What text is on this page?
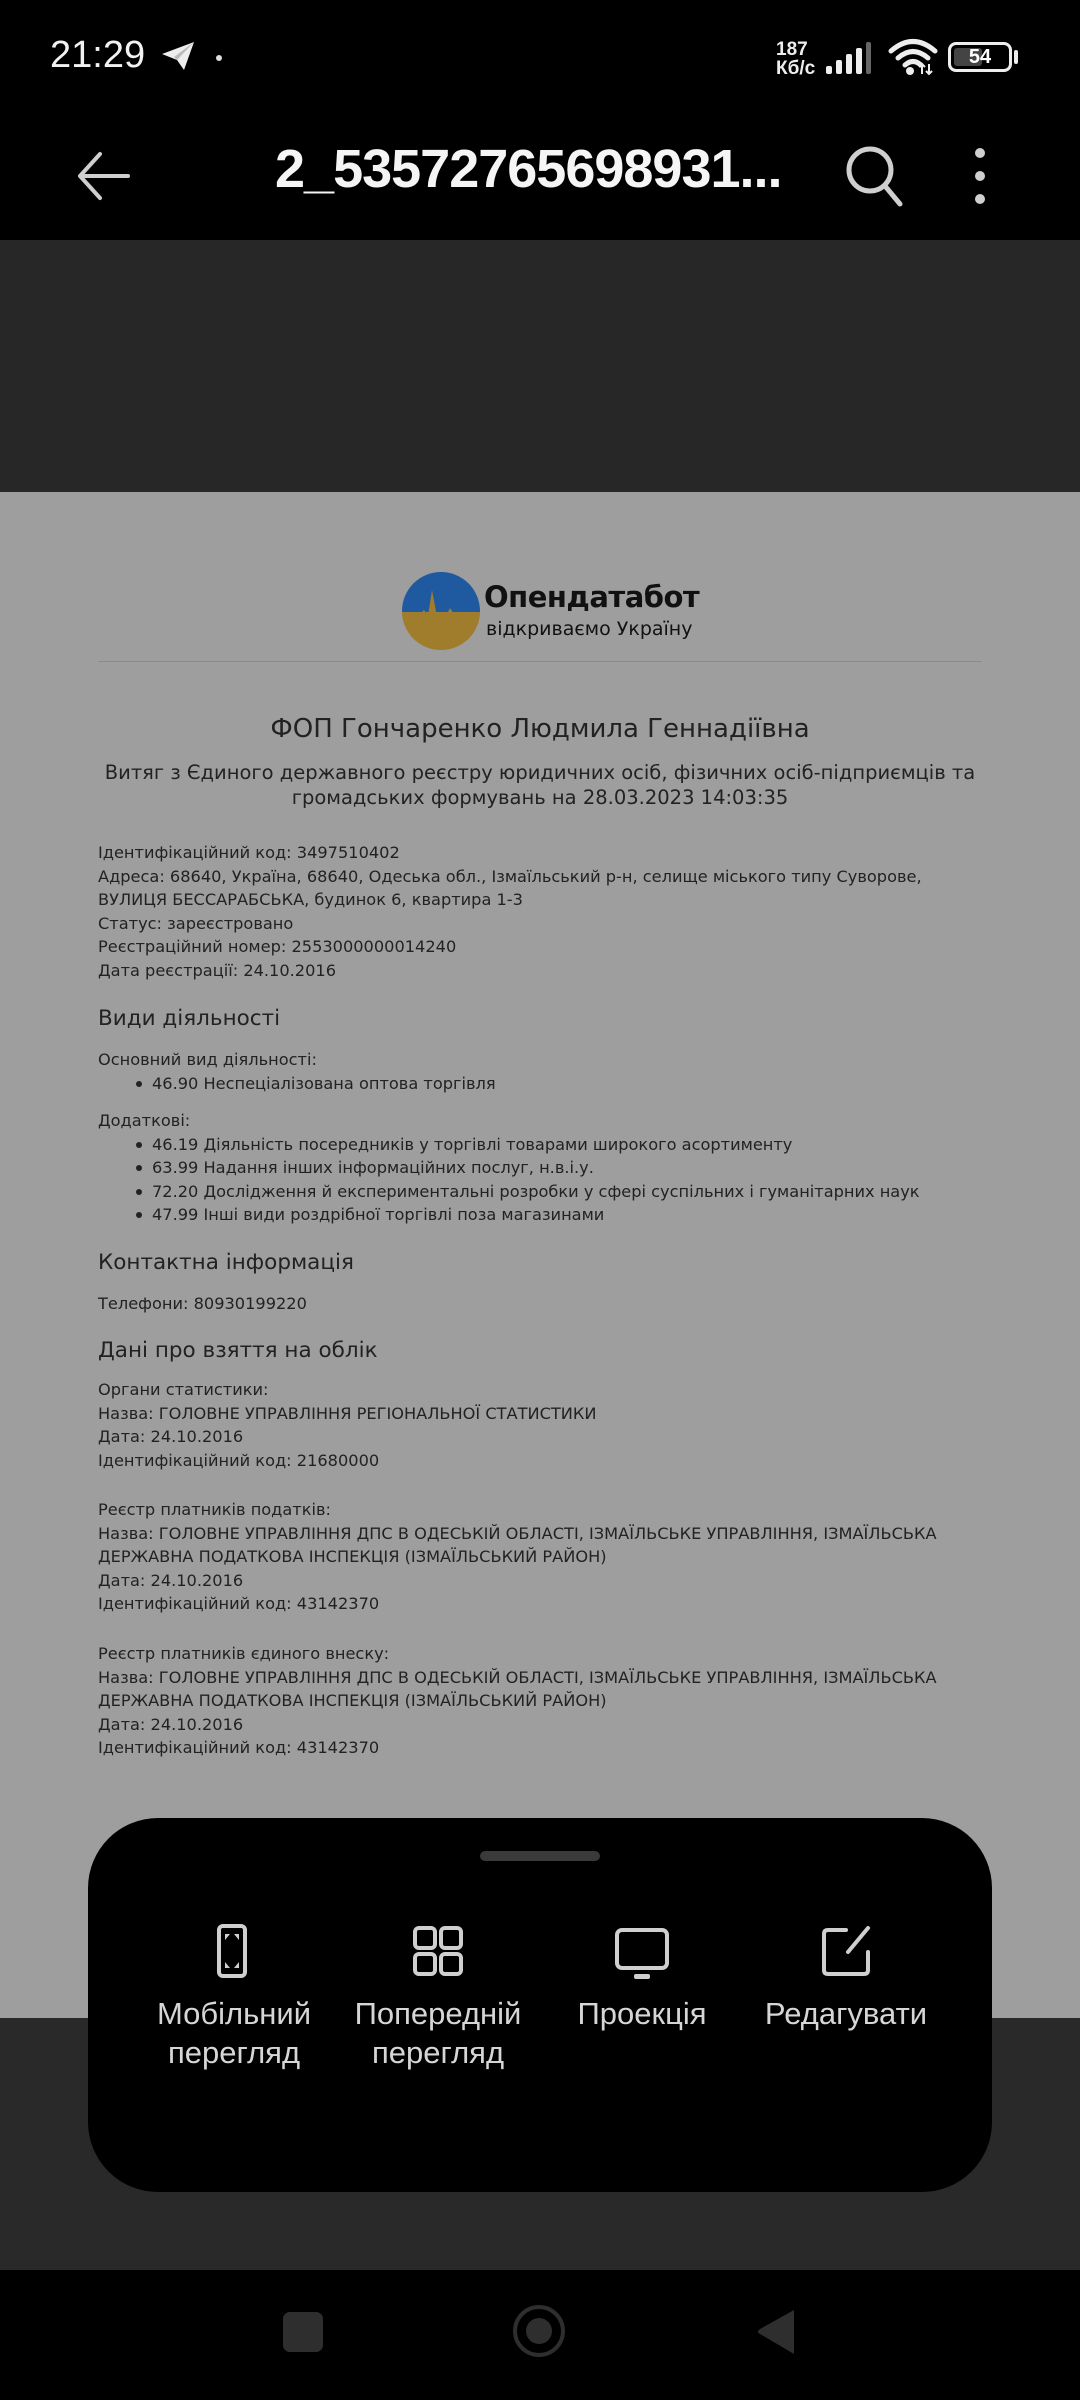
21:29	187
Кб/с
54
2_53572765698931...
Опендатабот
відкриваємо Україну
ФОП Гончаренко Людмила Геннадіївна
Витяг з Єдиного державного реєстру юридичних осіб, фізичних осіб-підприємців та громадських формувань на 28.03.2023 14:03:35
Ідентифікаційний код: 3497510402
Адреса: 68640, Україна, 68640, Одеська обл., Ізмаїльський р-н, селище міського типу Суворове,
ВУЛИЦЯ БЕССАРАБСЬКА, будинок 6, квартира 1-3
Статус: зареєстровано
Реєстраційний номер: 2553000000014240
Дата реєстрації: 24.10.2016
Види діяльності
Основний вид діяльності:
46.90 Неспеціалізована оптова торгівля
Додаткові:
46.19 Діяльність посередників у торгівлі товарами широкого асортименту
63.99 Надання інших інформаційних послуг, н.в.і.у.
72.20 Дослідження й експериментальні розробки у сфері суспільних і гуманітарних наук
47.99 Інші види роздрібної торгівлі поза магазинами
Контактна інформація
Телефони: 80930199220
Дані про взяття на облік
Органи статистики:
Назва: ГОЛОВНЕ УПРАВЛІННЯ РЕГІОНАЛЬНОЇ СТАТИСТИКИ
Дата: 24.10.2016
Ідентифікаційний код: 21680000
Реєстр платників податків:
Назва: ГОЛОВНЕ УПРАВЛІННЯ ДПС В ОДЕСЬКІЙ ОБЛАСТІ, ІЗМАЇЛЬСЬКЕ УПРАВЛІННЯ, ІЗМАЇЛЬСЬКА
ДЕРЖАВНА ПОДАТКОВА ІНСПЕКЦІЯ (ІЗМАЇЛЬСЬКИЙ РАЙОН)
Дата: 24.10.2016
Ідентифікаційний код: 43142370
Реєстр платників єдиного внеску:
Назва: ГОЛОВНЕ УПРАВЛІННЯ ДПС В ОДЕСЬКІЙ ОБЛАСТІ, ІЗМАЇЛЬСЬКЕ УПРАВЛІННЯ, ІЗМАЇЛЬСЬКА
ДЕРЖАВНА ПОДАТКОВА ІНСПЕКЦІЯ (ІЗМАЇЛЬСЬКИЙ РАЙОН)
Дата: 24.10.2016
Ідентифікаційний код: 43142370
Мобільний перегляд
Попередній перегляд
Проекція	Редагувати
